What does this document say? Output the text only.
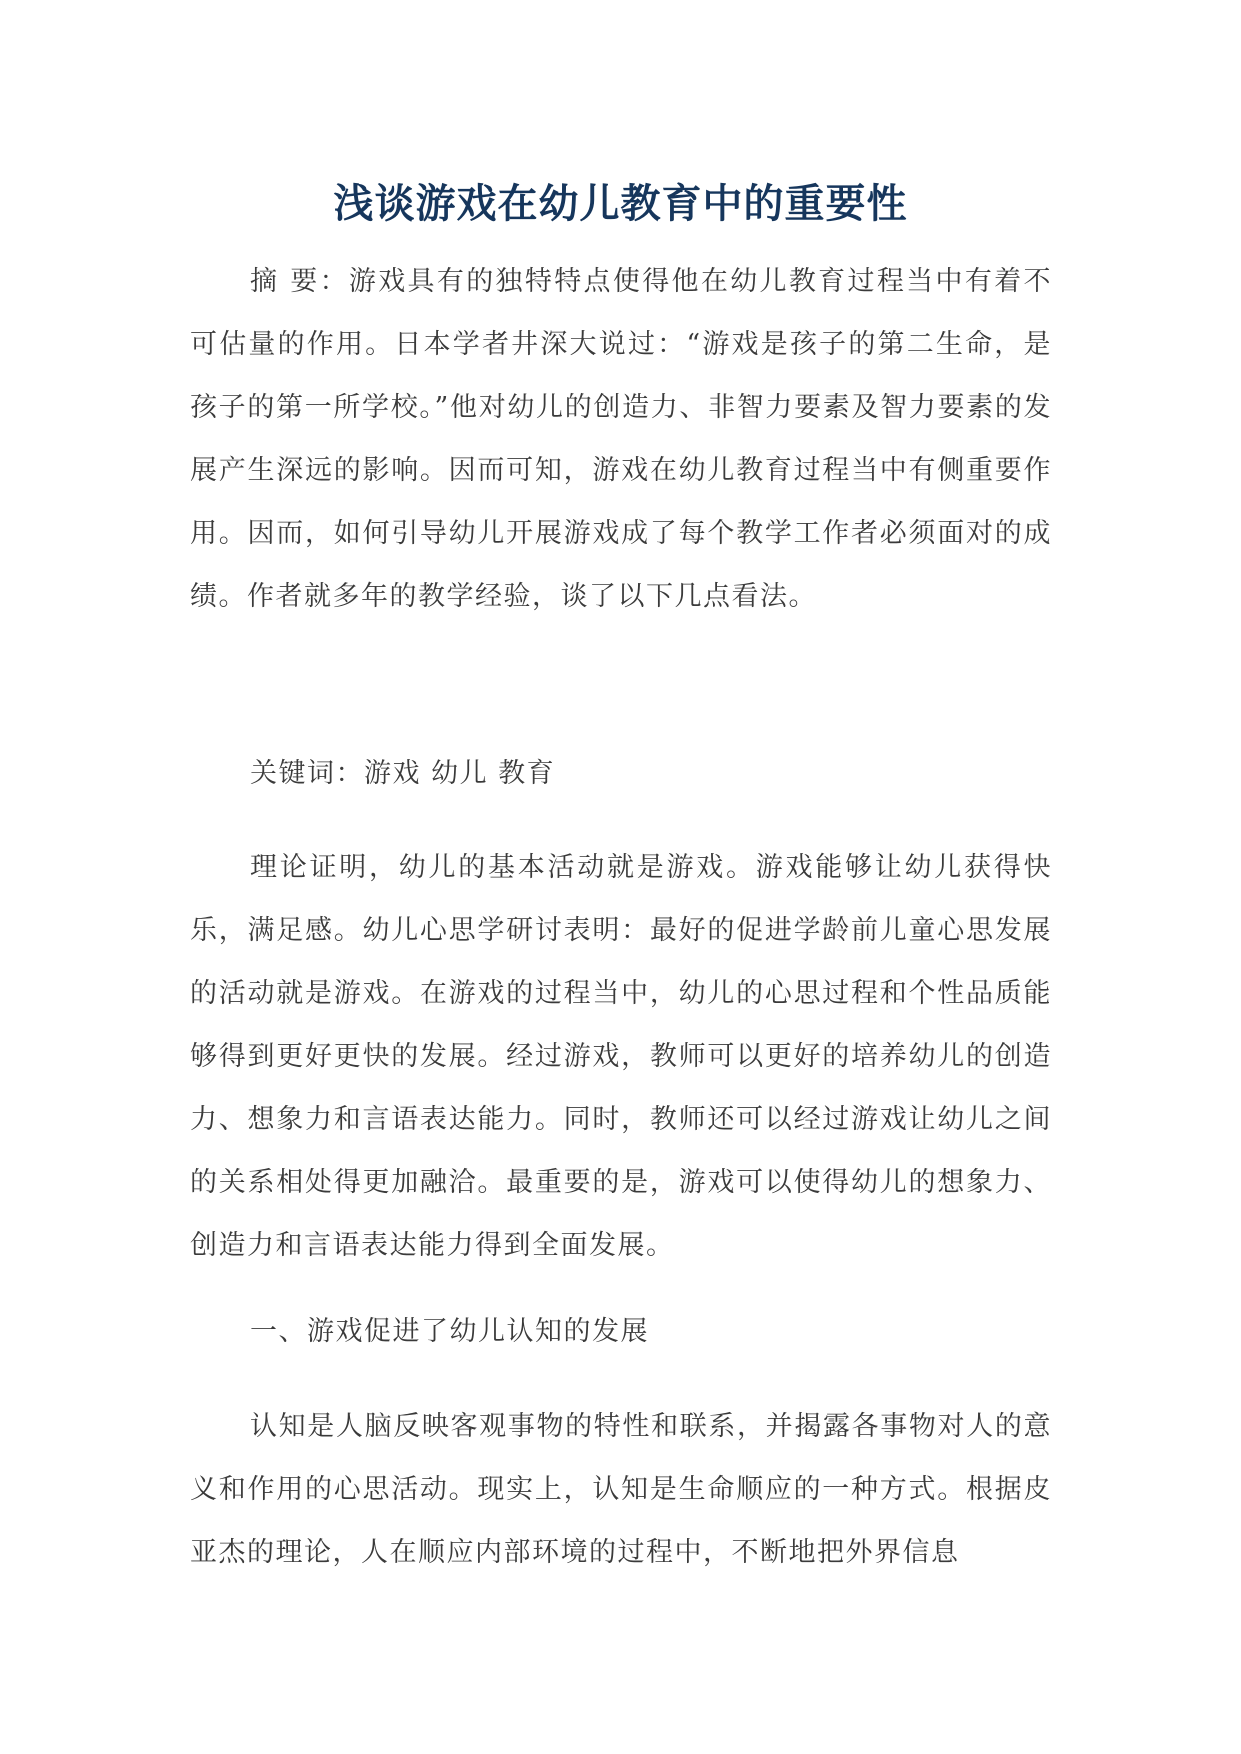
浅谈游戏在幼儿教育中的重要性

摘 要：游戏具有的独特特点使得他在幼儿教育过程当中有着不可估量的作用。日本学者井深大说过：“游戏是孩子的第二生命，是孩子的第一所学校。”他对幼儿的创造力、非智力要素及智力要素的发展产生深远的影响。因而可知，游戏在幼儿教育过程当中有侧重要作用。因而，如何引导幼儿开展游戏成了每个教学工作者必须面对的成绩。作者就多年的教学经验，谈了以下几点看法。

关键词：游戏 幼儿 教育

理论证明，幼儿的基本活动就是游戏。游戏能够让幼儿获得快乐，满足感。幼儿心思学研讨表明：最好的促进学龄前儿童心思发展的活动就是游戏。在游戏的过程当中，幼儿的心思过程和个性品质能够得到更好更快的发展。经过游戏，教师可以更好的培养幼儿的创造力、想象力和言语表达能力。同时，教师还可以经过游戏让幼儿之间的关系相处得更加融洽。最重要的是，游戏可以使得幼儿的想象力、创造力和言语表达能力得到全面发展。

一、游戏促进了幼儿认知的发展

认知是人脑反映客观事物的特性和联系，并揭露各事物对人的意义和作用的心思活动。现实上，认知是生命顺应的一种方式。根据皮亚杰的理论，人在顺应内部环境的过程中，不断地把外界信息
